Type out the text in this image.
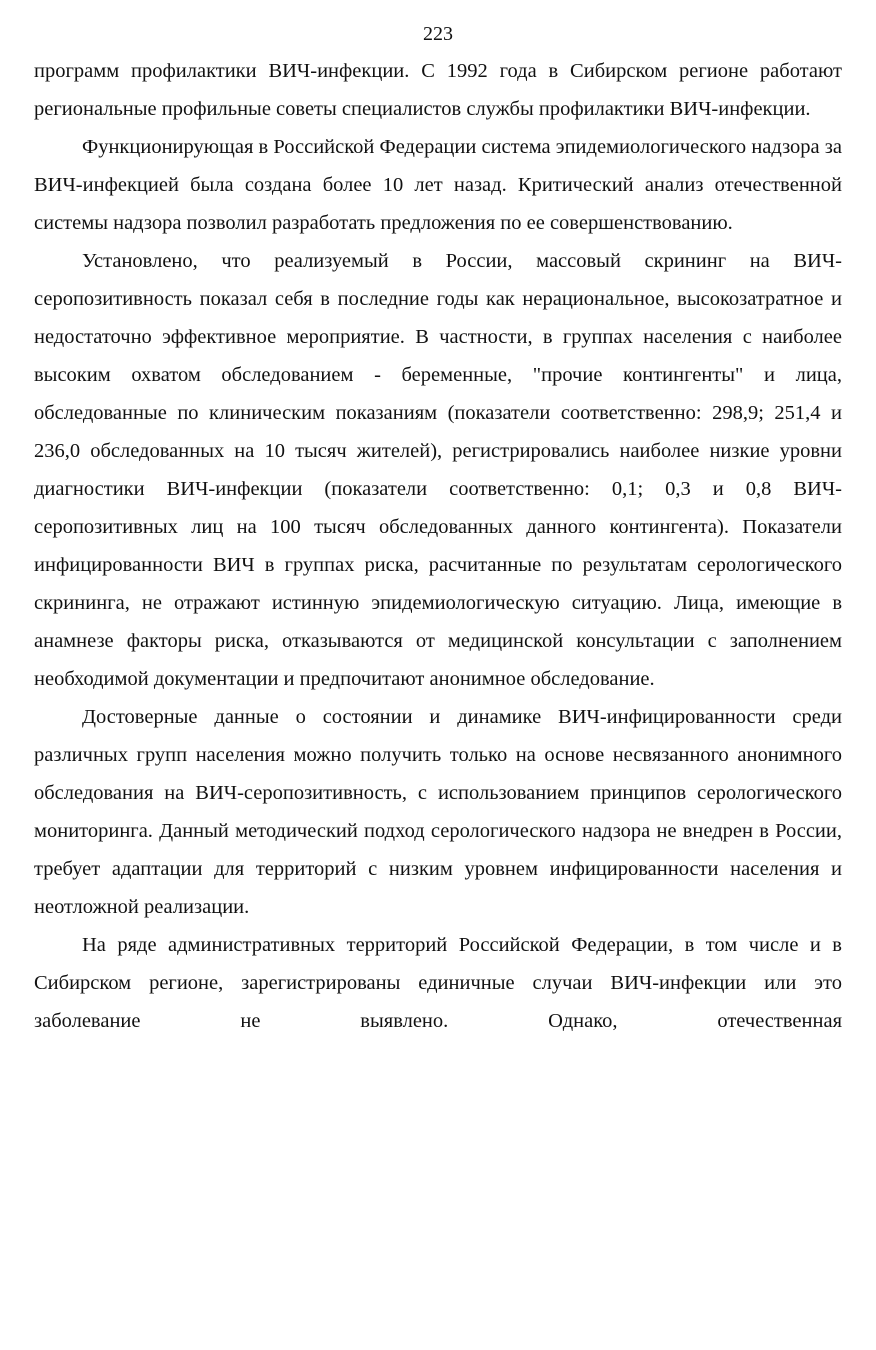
223

программ профилактики ВИЧ-инфекции. С 1992 года в Сибирском регионе работают региональные профильные советы специалистов службы профилактики ВИЧ-инфекции.

Функционирующая в Российской Федерации система эпидемиологического надзора за ВИЧ-инфекцией была создана более 10 лет назад. Критический анализ отечественной системы надзора позволил разработать предложения по ее совершенствованию.

Установлено, что реализуемый в России, массовый скрининг на ВИЧ-серопозитивность показал себя в последние годы как нерациональное, высокозатратное и недостаточно эффективное мероприятие. В частности, в группах населения с наиболее высоким охватом обследованием - беременные, "прочие контингенты" и лица, обследованные по клиническим показаниям (показатели соответственно: 298,9; 251,4 и 236,0 обследованных на 10 тысяч жителей), регистрировались наиболее низкие уровни диагностики ВИЧ-инфекции (показатели соответственно: 0,1; 0,3 и 0,8 ВИЧ-серопозитивных лиц на 100 тысяч обследованных данного контингента). Показатели инфицированности ВИЧ в группах риска, расчитанные по результатам серологического скрининга, не отражают истинную эпидемиологическую ситуацию. Лица, имеющие в анамнезе факторы риска, отказываются от медицинской консультации с заполнением необходимой документации и предпочитают анонимное обследование.

Достоверные данные о состоянии и динамике ВИЧ-инфицированности среди различных групп населения можно получить только на основе несвязанного анонимного обследования на ВИЧ-серопозитивность, с использованием принципов серологического мониторинга. Данный методический подход серологического надзора не внедрен в России, требует адаптации для территорий с низким уровнем инфицированности населения и неотложной реализации.

На ряде административных территорий Российской Федерации, в том числе и в Сибирском регионе, зарегистрированы единичные случаи ВИЧ-инфекции или это заболевание не выявлено. Однако, отечественная
